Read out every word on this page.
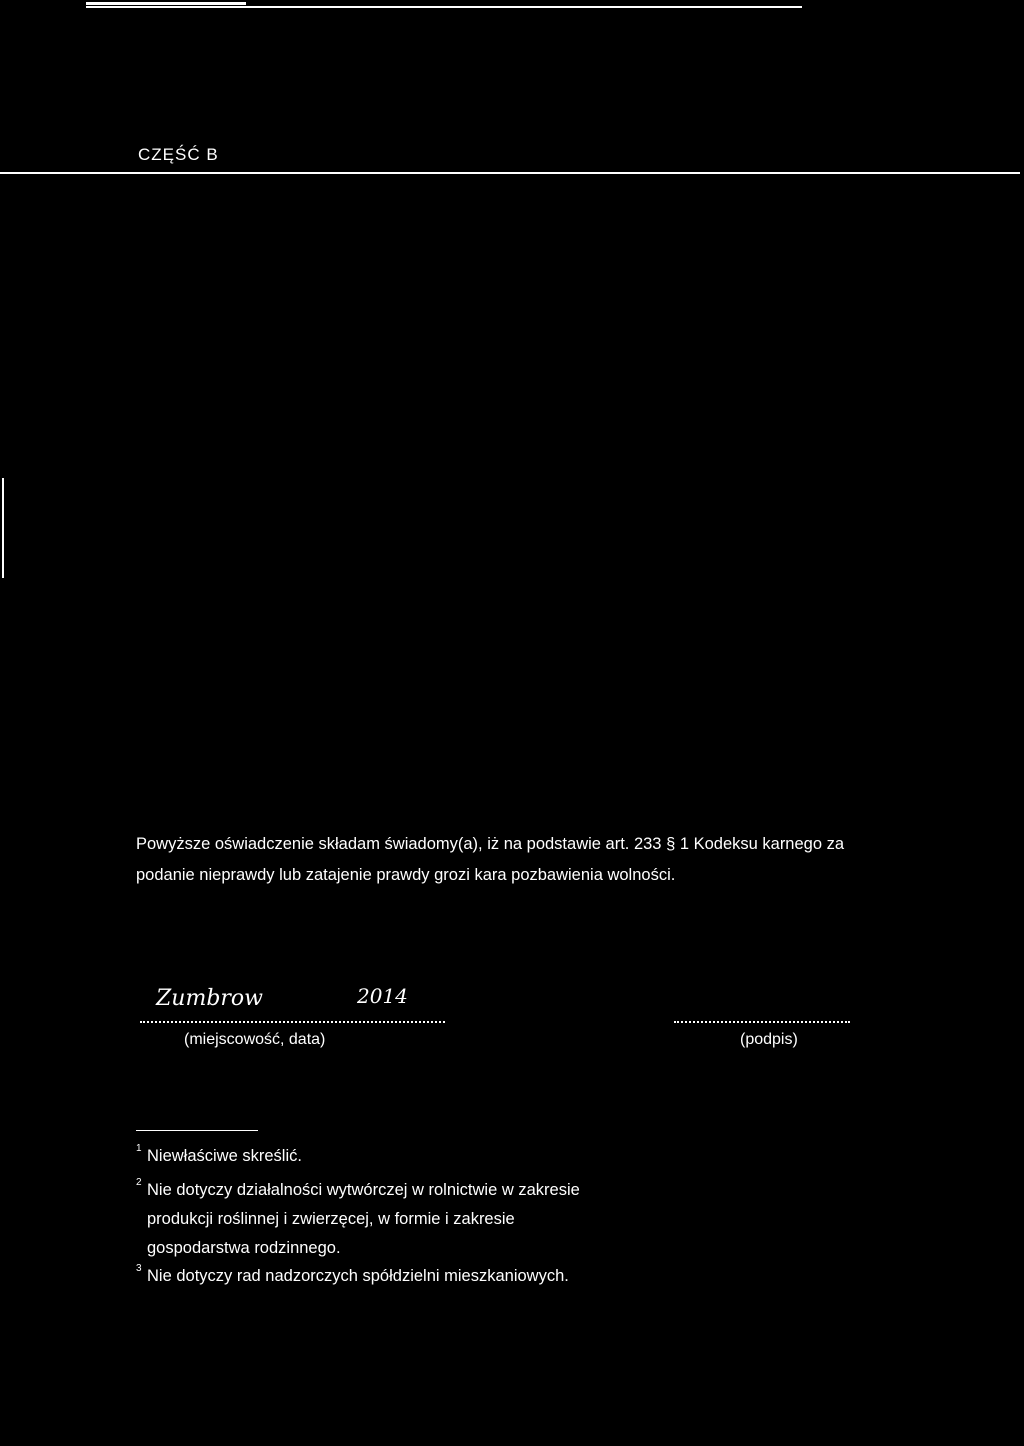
CZĘŚĆ B

Powyższe oświadczenie składam świadomy(a), iż na podstawie art. 233 § 1 Kodeksu karnego za

podanie nieprawdy lub zatajenie prawdy grozi kara pozbawienia wolności.

Zumbrow	2014
(miejscowość, data)	(podpis)
1 Niewłaściwe skreślić.
2 Nie dotyczy działalności wytwórczej w rolnictwie w zakresie
produkcji roślinnej i zwierzęcej, w formie i zakresie
gospodarstwa rodzinnego.
3 Nie dotyczy rad nadzorczych spółdzielni mieszkaniowych.
